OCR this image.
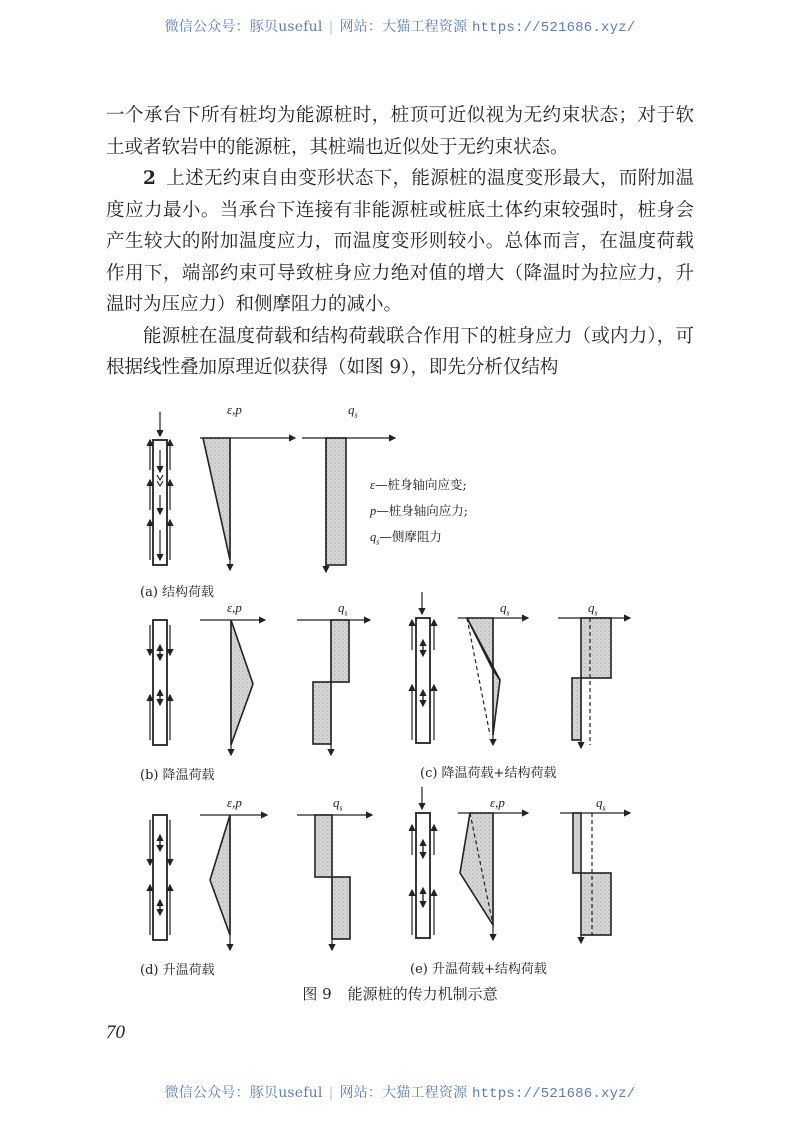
微信公众号：豚贝useful | 网站：大猫工程资源 https://521686.xyz/

一个承台下所有桩均为能源桩时，桩顶可近似视为无约束状态；对于软土或者软岩中的能源桩，其桩端也近似处于无约束状态。

2 上述无约束自由变形状态下，能源桩的温度变形最大，而附加温度应力最小。当承台下连接有非能源桩或桩底土体约束较强时，桩身会产生较大的附加温度应力，而温度变形则较小。总体而言，在温度荷载作用下，端部约束可导致桩身应力绝对值的增大（降温时为拉应力，升温时为压应力）和侧摩阻力的减小。

能源桩在温度荷载和结构荷载联合作用下的桩身应力（或内力），可根据线性叠加原理近似获得（如图 9），即先分析仅结构

ε,p	$q_s$
ε,p	$q_s$	$q_s$	$q_s$
ε,p	$q_s$	ε,p	$q_s$
ε—桩身轴向应变;
p—桩身轴向应力;
$q_s—$侧摩阻力
(a) 结构荷载
(b) 降温荷载	(c) 降温荷载+结构荷载
(d) 升温荷载	(e) 升温荷载+结构荷载
图 9 能源桩的传力机制示意
70
微信公众号：豚贝useful | 网站：大猫工程资源 https://521686.xyz/
